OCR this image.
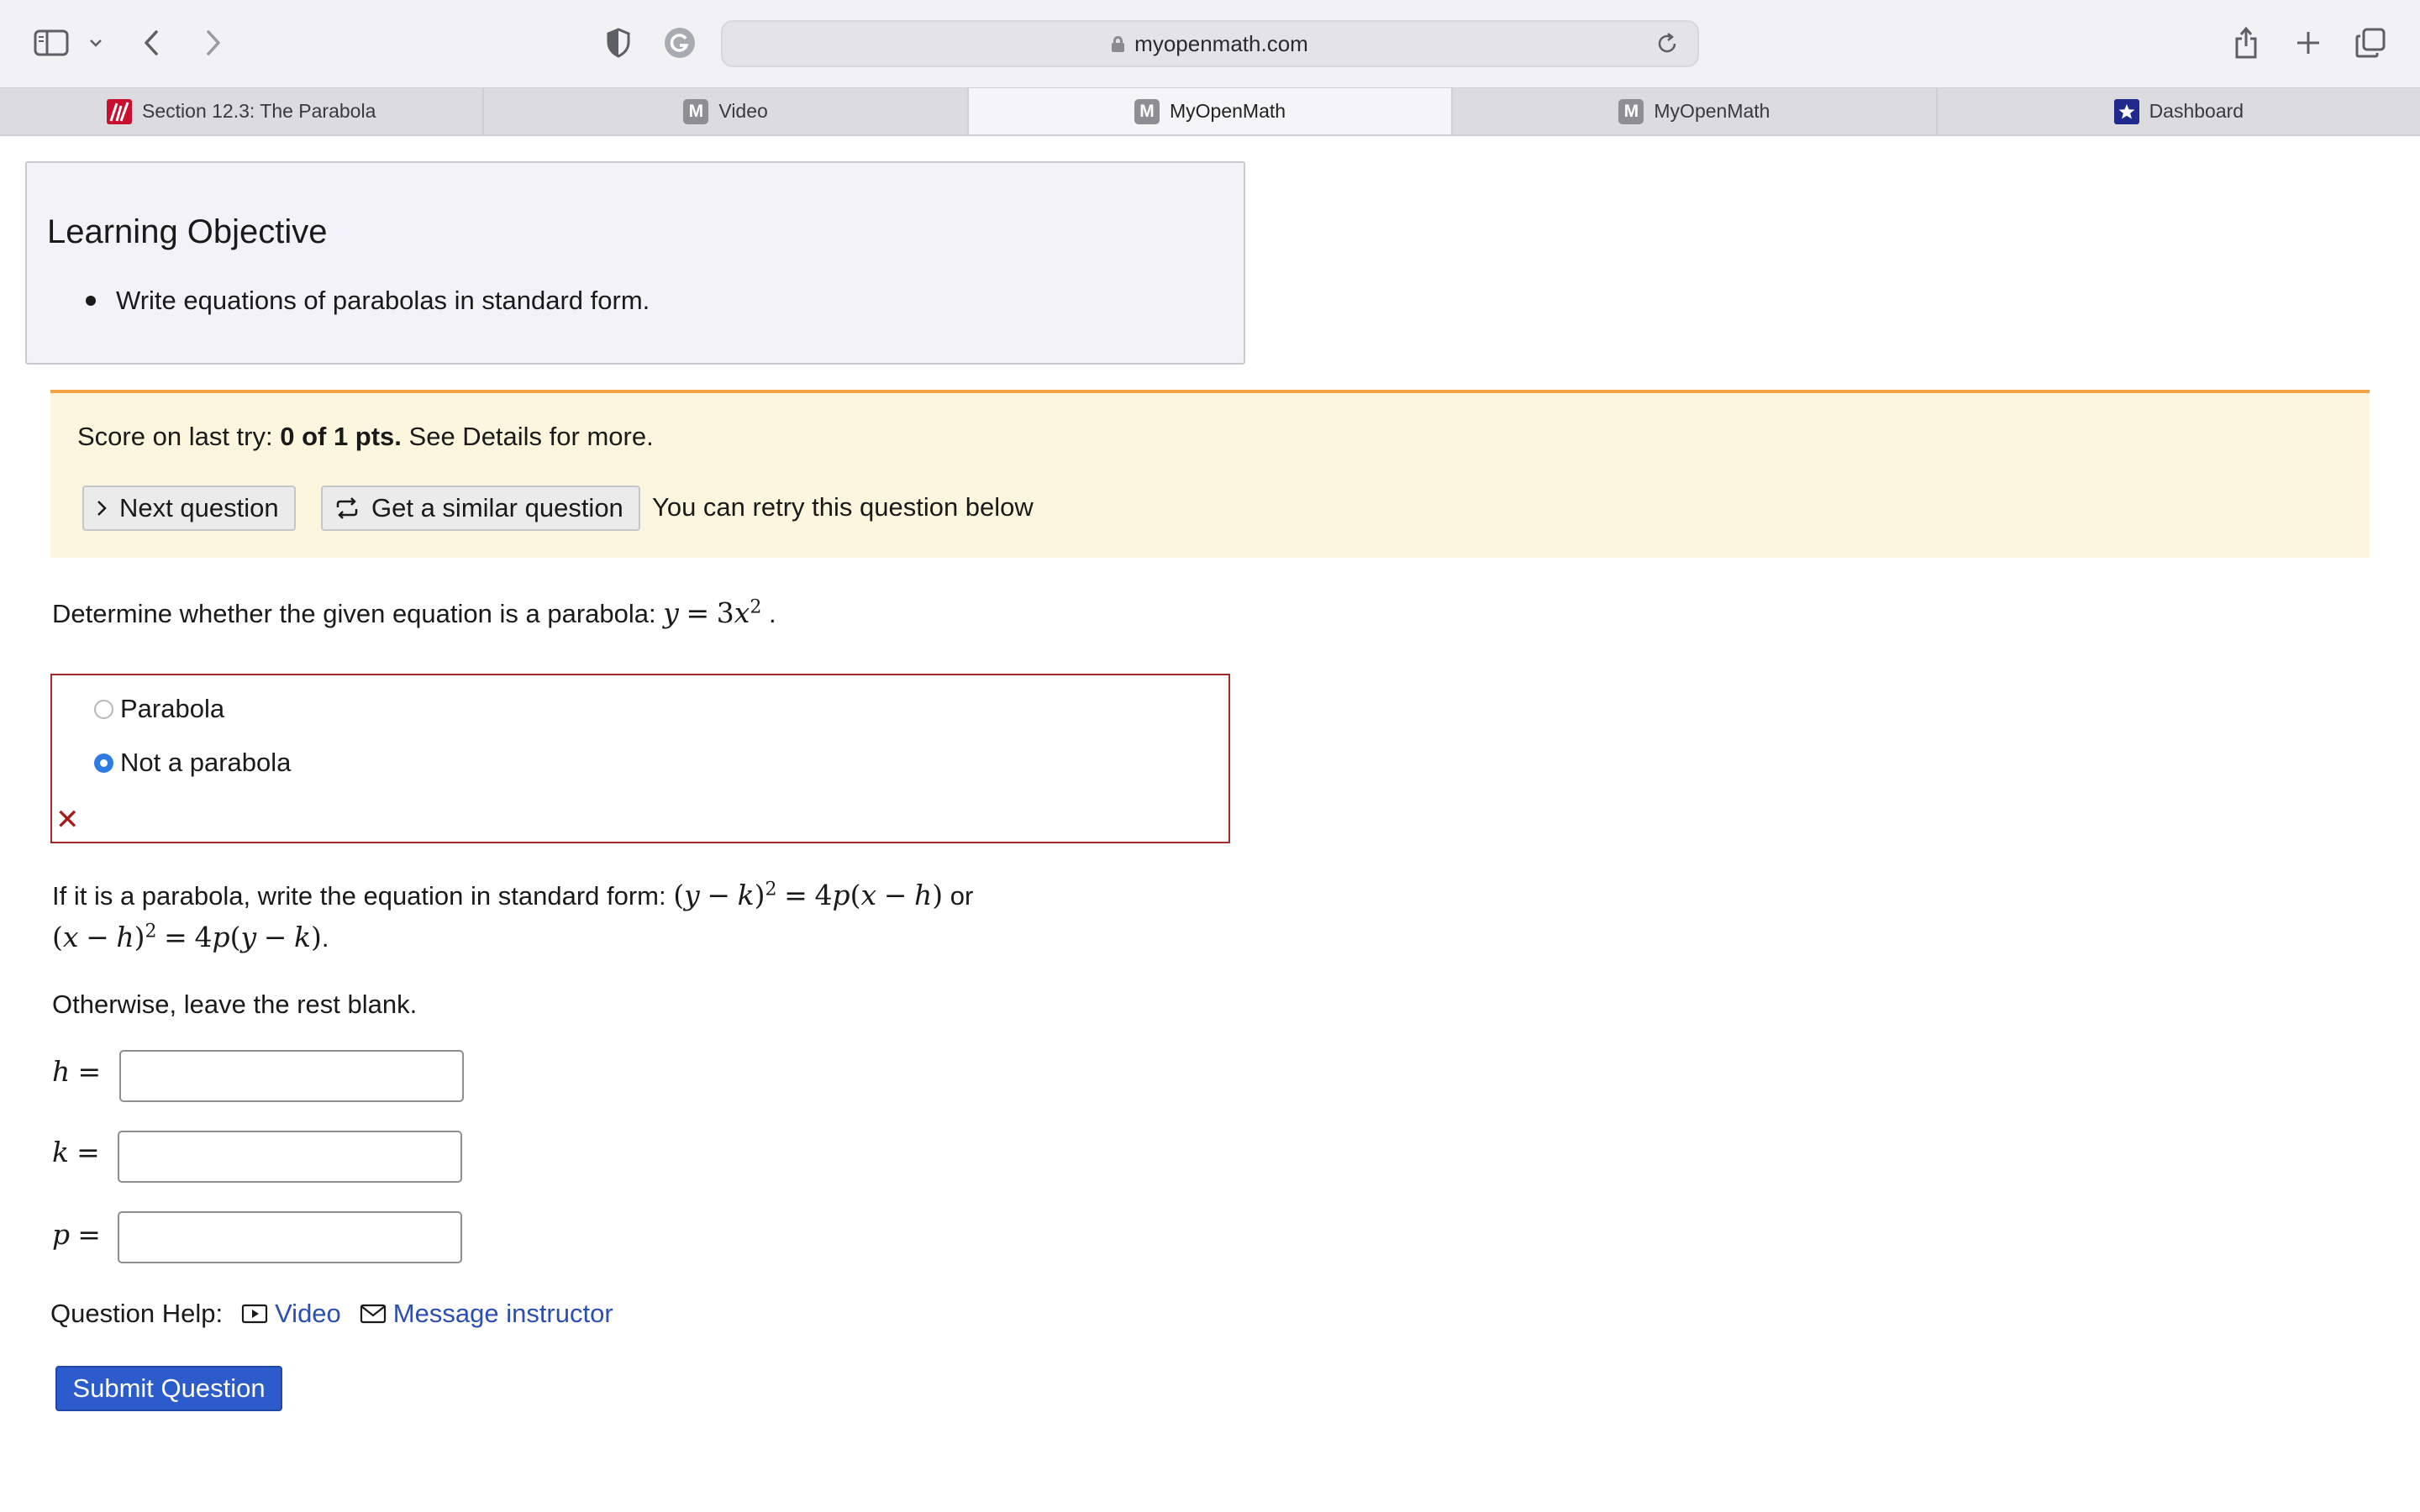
myopenmath.com
Section 12.3: The Parabola	M Video	M MyOpenMath	M MyOpenMath	Dashboard
Learning Objective
Write equations of parabolas in standard form.
Score on last try: 0 of 1 pts. See Details for more.
Next question	Get a similar question You can retry this question below
Determine whether the given equation is a parabola: $y = 3x^2$ .
Parabola
Not a parabola
✕
If it is a parabola, write the equation in standard form: $(y - k)^2 = 4p(x - h)$ or
$(x - h)^2 = 4p(y - k)$.
Otherwise, leave the rest blank.
h =
k =
p =
Question Help: Video Message instructor
Submit Question
